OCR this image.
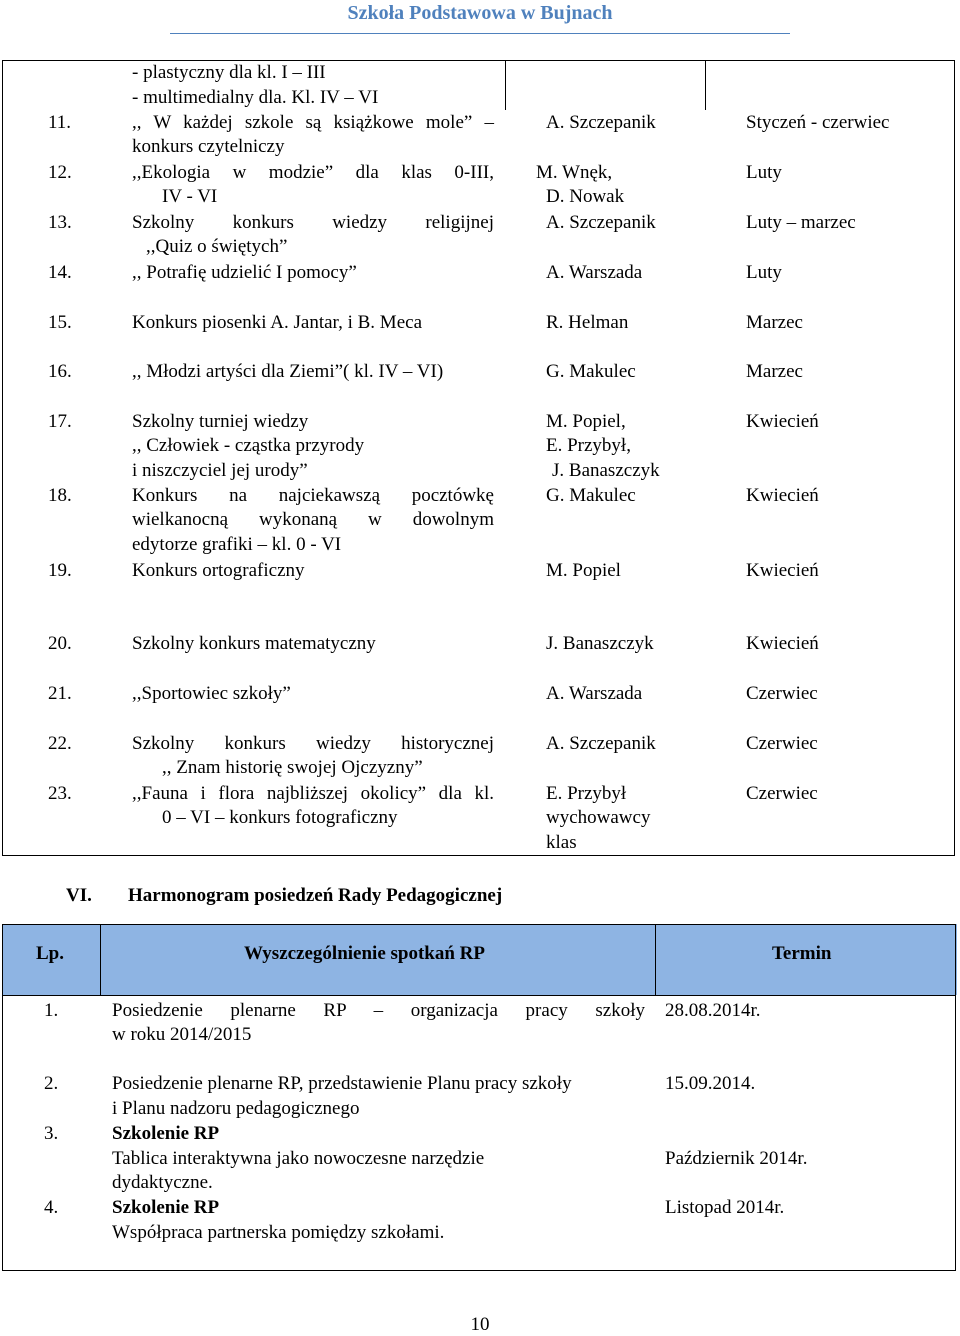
Szkoła Podstawowa w Bujnach
- plastyczny dla kl. I – III
- multimedialny dla. Kl. IV – VI
11.	,, W każdej szkole są książkowe mole” –
konkurs czytelniczy
A. Szczepanik	Styczeń - czerwiec
12.	,,Ekologia w modzie” dla klas 0-III,
IV - VI
M. Wnęk,
D. Nowak
Luty
13.	Szkolny konkurs wiedzy religijnej
,,Quiz o świętych”
A. Szczepanik	Luty – marzec
14.	,, Potrafię udzielić I pomocy”	A. Warszada	Luty
15.	Konkurs piosenki A. Jantar, i B. Meca	R. Helman	Marzec
16.	,, Młodzi artyści dla Ziemi”( kl. IV – VI)	G. Makulec	Marzec
17.	Szkolny turniej wiedzy
,, Człowiek - cząstka przyrody
i niszczyciel jej urody”
M. Popiel,
E. Przybył,
J. Banaszczyk
Kwiecień
18.	Konkurs na najciekawszą pocztówkę
wielkanocną wykonaną w dowolnym
edytorze grafiki – kl. 0 - VI
G. Makulec	Kwiecień
19.	Konkurs ortograficzny	M. Popiel	Kwiecień
20.	Szkolny konkurs matematyczny	J. Banaszczyk	Kwiecień
21.	,,Sportowiec szkoły”	A. Warszada	Czerwiec
22.	Szkolny konkurs wiedzy historycznej
,, Znam historię swojej Ojczyzny”
A. Szczepanik	Czerwiec
23.	,,Fauna i flora najbliższej okolicy” dla kl.
0 – VI – konkurs fotograficzny
E. Przybył
wychowawcy
klas
Czerwiec
VI. Harmonogram posiedzeń Rady Pedagogicznej
Lp.	Wyszczególnienie spotkań RP	Termin
1.	Posiedzenie plenarne RP – organizacja pracy szkoły
w roku 2014/2015
28.08.2014r.
2.	Posiedzenie plenarne RP, przedstawienie Planu pracy szkoły
i Planu nadzoru pedagogicznego
15.09.2014.
3.	Szkolenie RP
Tablica interaktywna jako nowoczesne narzędzie
dydaktyczne.
Październik 2014r.
4.	Szkolenie RP
Współpraca partnerska pomiędzy szkołami.
Listopad 2014r.
10
